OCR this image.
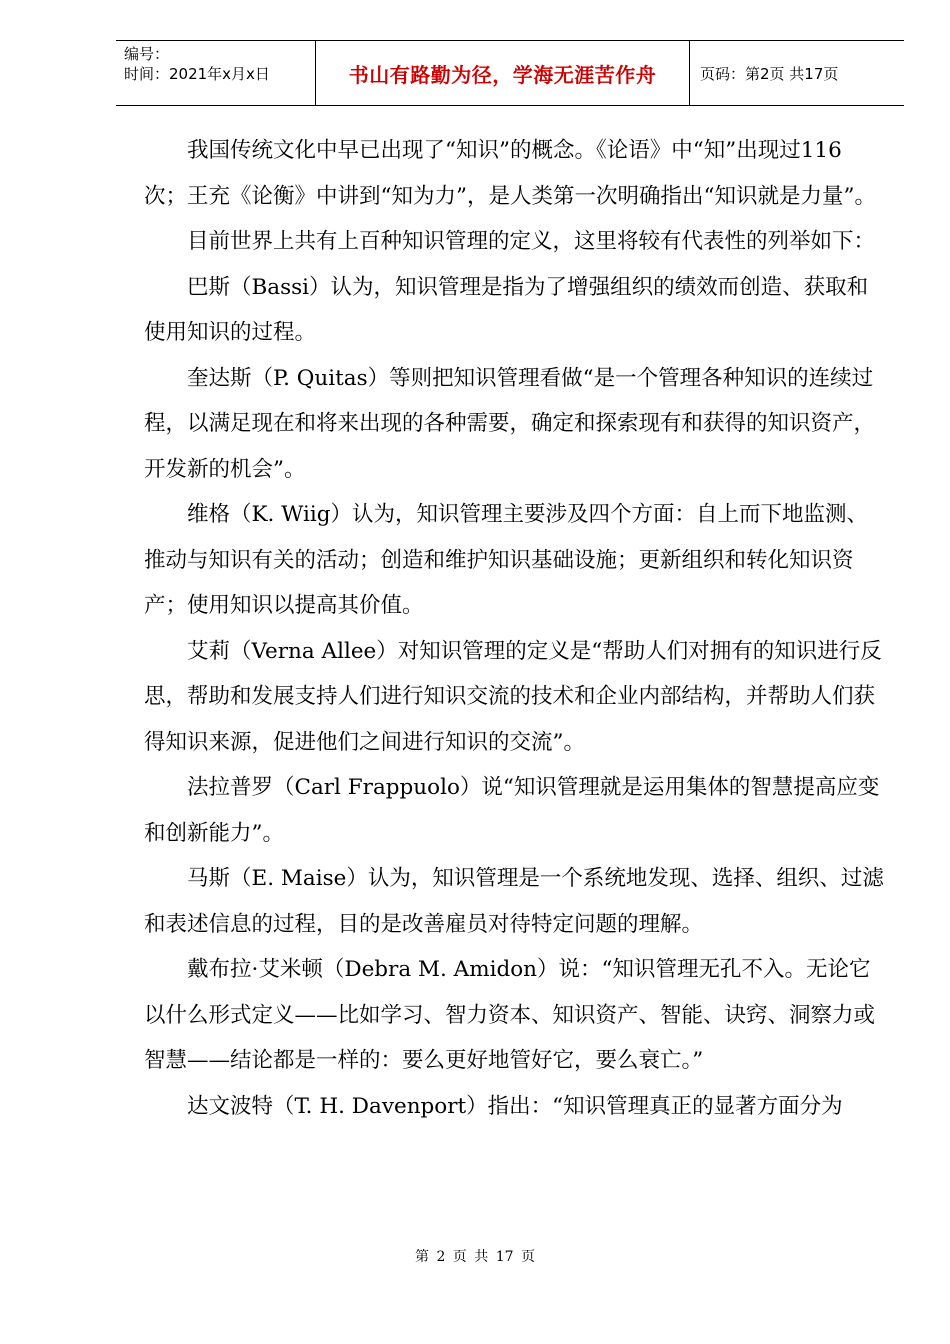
编号：
时间：2021年x月x日	书山有路勤为径，学海无涯苦作舟	页码：第2页 共17页

我国传统文化中早已出现了“知识”的概念。《论语》中“知”出现过116次；王充《论衡》中讲到“知为力”，是人类第一次明确指出“知识就是力量”。

目前世界上共有上百种知识管理的定义，这里将较有代表性的列举如下：

巴斯（Bassi）认为，知识管理是指为了增强组织的绩效而创造、获取和使用知识的过程。

奎达斯（P. Quitas）等则把知识管理看做“是一个管理各种知识的连续过程，以满足现在和将来出现的各种需要，确定和探索现有和获得的知识资产，开发新的机会”。

维格（K. Wiig）认为，知识管理主要涉及四个方面：自上而下地监测、推动与知识有关的活动；创造和维护知识基础设施；更新组织和转化知识资产；使用知识以提高其价值。

艾莉（Verna Allee）对知识管理的定义是“帮助人们对拥有的知识进行反思，帮助和发展支持人们进行知识交流的技术和企业内部结构，并帮助人们获得知识来源，促进他们之间进行知识的交流”。

法拉普罗（Carl Frappuolo）说“知识管理就是运用集体的智慧提高应变和创新能力”。

马斯（E. Maise）认为，知识管理是一个系统地发现、选择、组织、过滤和表述信息的过程，目的是改善雇员对待特定问题的理解。

戴布拉·艾米顿（Debra M. Amidon）说：“知识管理无孔不入。无论它以什么形式定义——比如学习、智力资本、知识资产、智能、诀窍、洞察力或智慧——结论都是一样的：要么更好地管好它，要么衰亡。”

达文波特（T. H. Davenport）指出：“知识管理真正的显著方面分为

第 2 页 共 17 页
